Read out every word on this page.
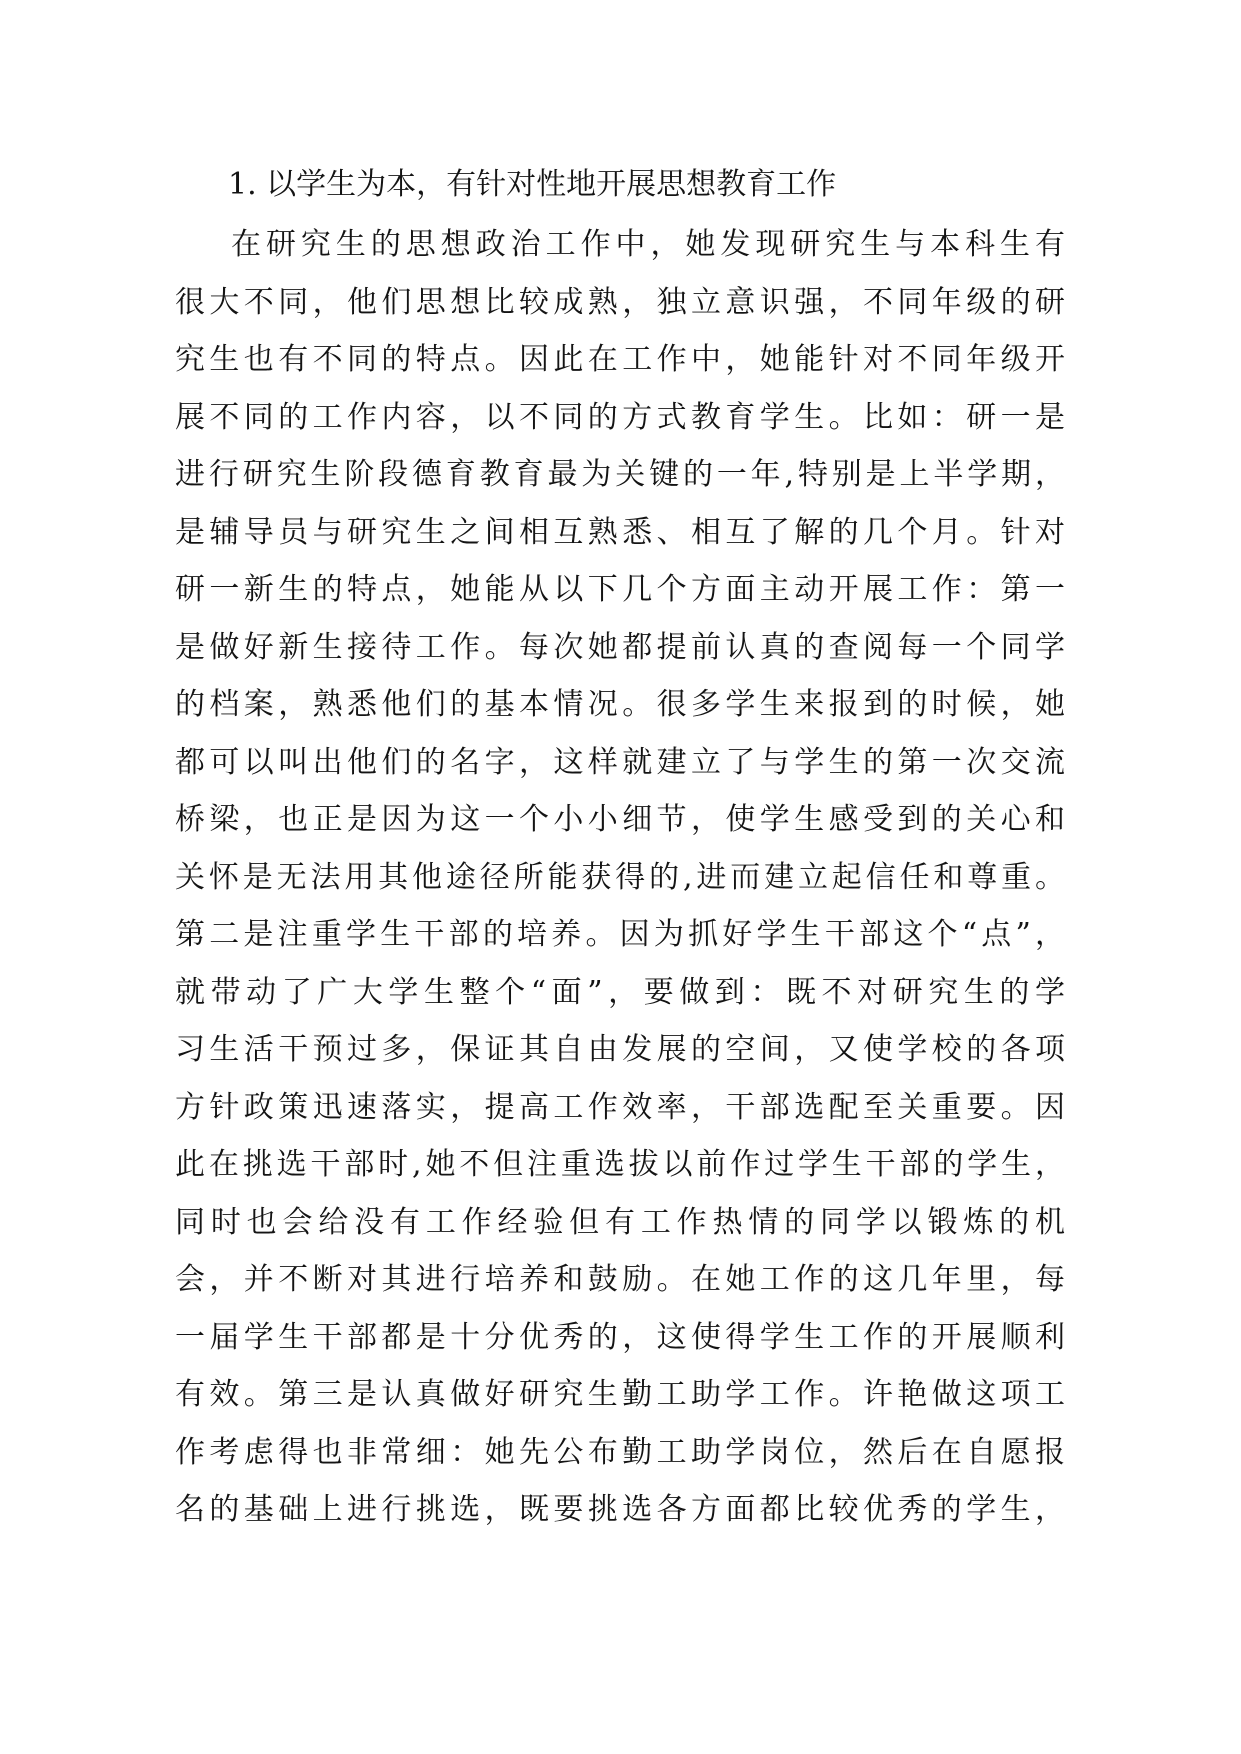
1. 以学生为本，有针对性地开展思想教育工作
在研究生的思想政治工作中，她发现研究生与本科生有
很大不同，他们思想比较成熟，独立意识强，不同年级的研
究生也有不同的特点。因此在工作中，她能针对不同年级开
展不同的工作内容，以不同的方式教育学生。比如：研一是
进行研究生阶段德育教育最为关键的一年,特别是上半学期，
是辅导员与研究生之间相互熟悉、相互了解的几个月。针对
研一新生的特点，她能从以下几个方面主动开展工作：第一
是做好新生接待工作。每次她都提前认真的查阅每一个同学
的档案，熟悉他们的基本情况。很多学生来报到的时候，她
都可以叫出他们的名字，这样就建立了与学生的第一次交流
桥梁，也正是因为这一个小小细节，使学生感受到的关心和
关怀是无法用其他途径所能获得的,进而建立起信任和尊重。
第二是注重学生干部的培养。因为抓好学生干部这个“点”，
就带动了广大学生整个“面”，要做到：既不对研究生的学
习生活干预过多，保证其自由发展的空间，又使学校的各项
方针政策迅速落实，提高工作效率，干部选配至关重要。因
此在挑选干部时,她不但注重选拔以前作过学生干部的学生，
同时也会给没有工作经验但有工作热情的同学以锻炼的机
会，并不断对其进行培养和鼓励。在她工作的这几年里，每
一届学生干部都是十分优秀的，这使得学生工作的开展顺利
有效。第三是认真做好研究生勤工助学工作。许艳做这项工
作考虑得也非常细：她先公布勤工助学岗位，然后在自愿报
名的基础上进行挑选，既要挑选各方面都比较优秀的学生，
